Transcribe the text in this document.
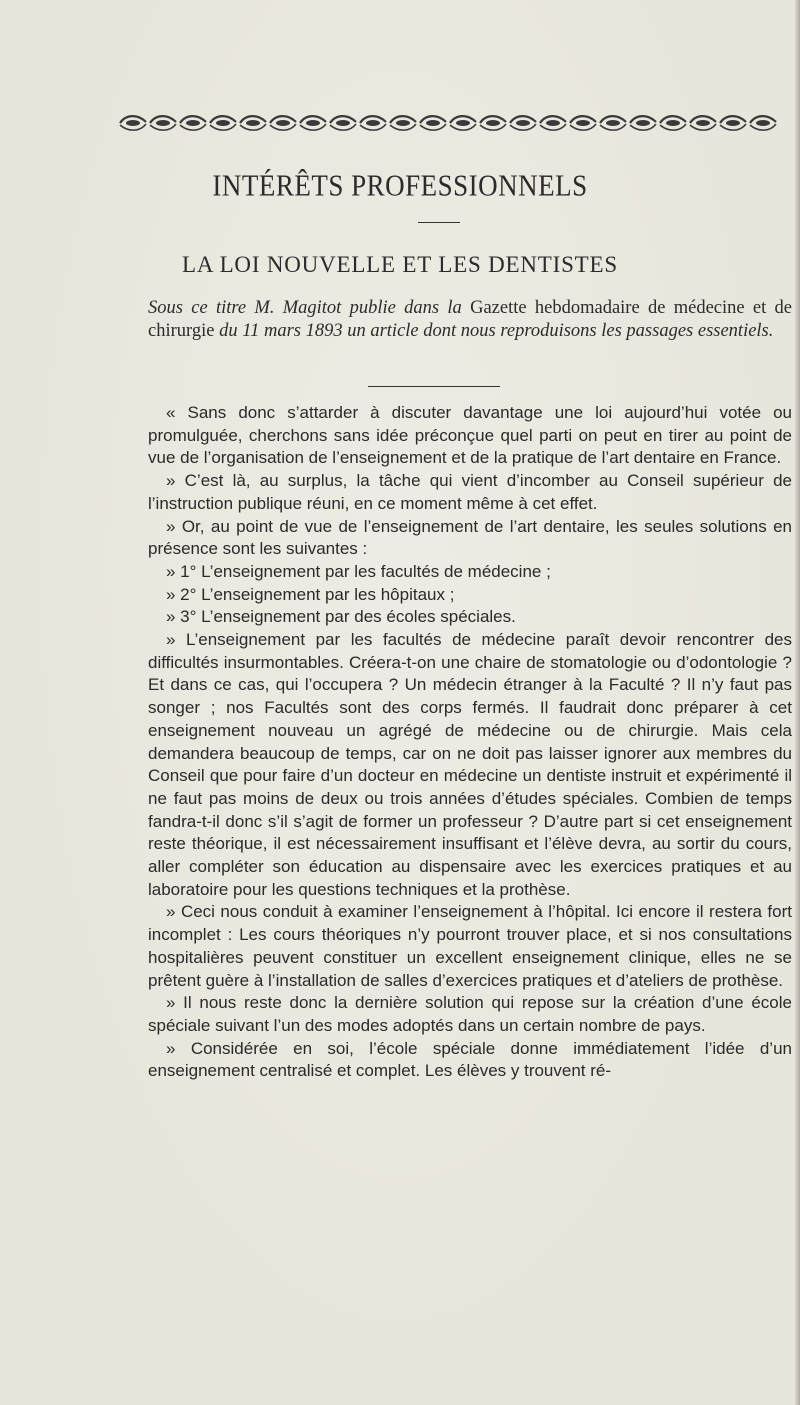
INTÉRÊTS PROFESSIONNELS
LA LOI NOUVELLE ET LES DENTISTES

Sous ce titre M. Magitot publie dans la Gazette hebdomadaire de médecine et de chirurgie du 11 mars 1893 un article dont nous reproduisons les passages essentiels.

« Sans donc s’attarder à discuter davantage une loi aujourd’hui votée ou promulguée, cherchons sans idée préconçue quel parti on peut en tirer au point de vue de l’organisation de l’enseignement et de la pratique de l’art dentaire en France.

» C’est là, au surplus, la tâche qui vient d’incomber au Conseil supérieur de l’instruction publique réuni, en ce moment même à cet effet.

» Or, au point de vue de l’enseignement de l’art dentaire, les seules solutions en présence sont les suivantes :

» 1° L’enseignement par les facultés de médecine ;

» 2° L’enseignement par les hôpitaux ;

» 3° L’enseignement par des écoles spéciales.

» L’enseignement par les facultés de médecine paraît devoir rencontrer des difficultés insurmontables. Créera-t-on une chaire de stomatologie ou d’odontologie ? Et dans ce cas, qui l’occupera ? Un médecin étranger à la Faculté ? Il n’y faut pas songer ; nos Facultés sont des corps fermés. Il faudrait donc préparer à cet enseignement nouveau un agrégé de médecine ou de chirurgie. Mais cela demandera beaucoup de temps, car on ne doit pas laisser ignorer aux membres du Conseil que pour faire d’un docteur en médecine un dentiste instruit et expérimenté il ne faut pas moins de deux ou trois années d’études spéciales. Combien de temps fandra-t-il donc s’il s’agit de former un professeur ? D’autre part si cet enseignement reste théorique, il est nécessairement insuffisant et l’élève devra, au sortir du cours, aller compléter son éducation au dispensaire avec les exercices pratiques et au laboratoire pour les questions techniques et la prothèse.

» Ceci nous conduit à examiner l’enseignement à l’hôpital. Ici encore il restera fort incomplet : Les cours théoriques n’y pourront trouver place, et si nos consultations hospitalières peuvent constituer un excellent enseignement clinique, elles ne se prêtent guère à l’installation de salles d’exercices pratiques et d’ateliers de prothèse.

» Il nous reste donc la dernière solution qui repose sur la création d’une école spéciale suivant l’un des modes adoptés dans un certain nombre de pays.

» Considérée en soi, l’école spéciale donne immédiatement l’idée d’un enseignement centralisé et complet. Les élèves y trouvent ré-
